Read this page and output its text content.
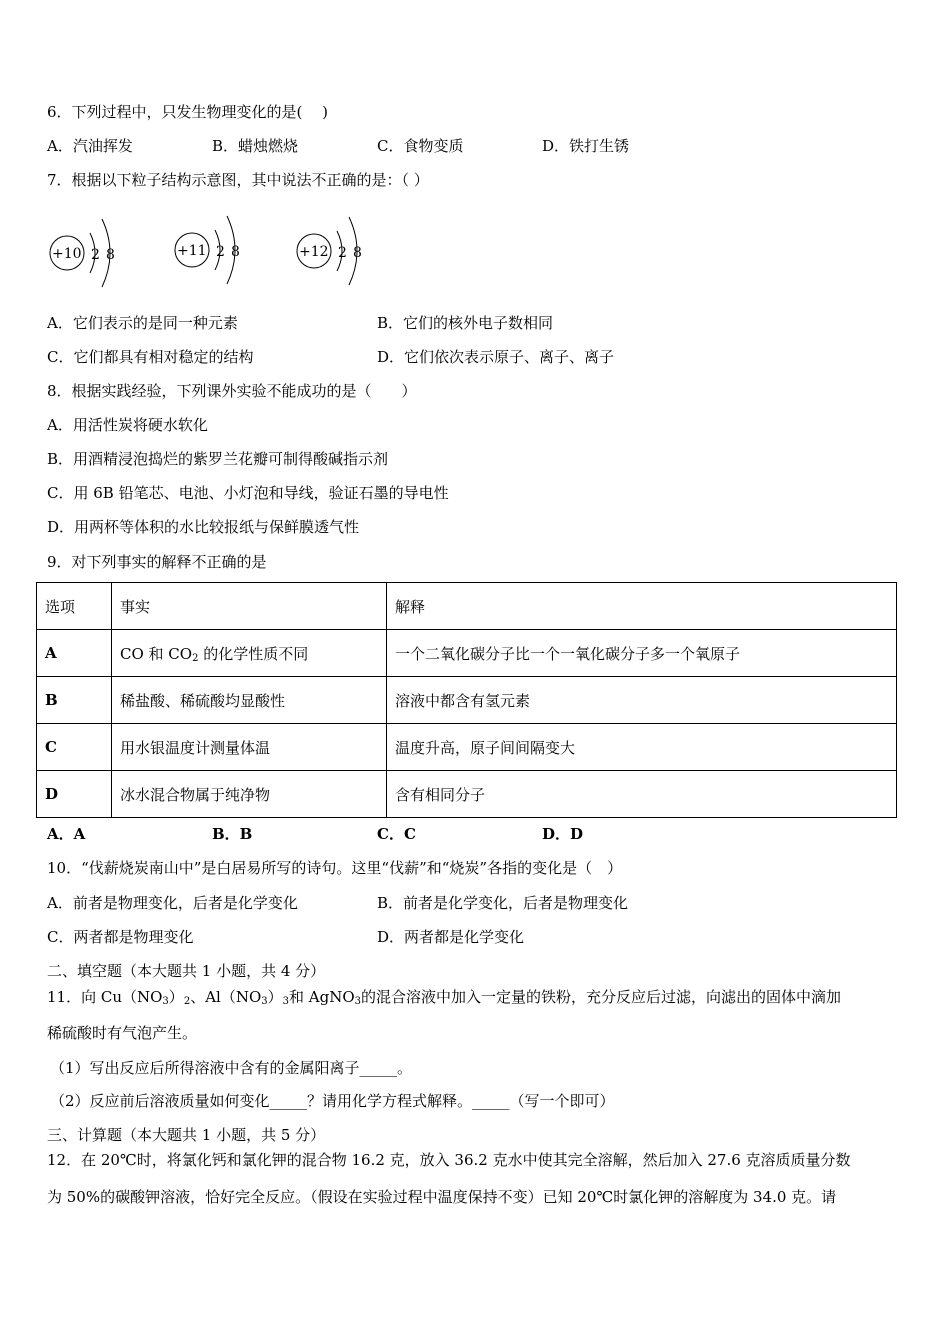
6．下列过程中，只发生物理变化的是(　 )
A．汽油挥发	B．蜡烛燃烧	C．食物变质	D．铁打生锈
7．根据以下粒子结构示意图，其中说法不正确的是：（ ）
+10 2 8	+11 2 8	+12 2 8
A．它们表示的是同一种元素	B．它们的核外电子数相同
C．它们都具有相对稳定的结构	D．它们依次表示原子、离子、离子
8．根据实践经验，下列课外实验不能成功的是（　　）
A．用活性炭将硬水软化
B．用酒精浸泡捣烂的紫罗兰花瓣可制得酸碱指示剂
C．用 6B 铅笔芯、电池、小灯泡和导线，验证石墨的导电性
D．用两杯等体积的水比较报纸与保鲜膜透气性
9．对下列事实的解释不正确的是
选项	事实	解释
A	CO 和 $CO_2$ 的化学性质不同	一个二氧化碳分子比一个一氧化碳分子多一个氧原子
B	稀盐酸、稀硫酸均显酸性	溶液中都含有氢元素
C	用水银温度计测量体温	温度升高，原子间间隔变大
D	冰水混合物属于纯净物	含有相同分子
A．A	B．B	C．C	D．D
10．“伐薪烧炭南山中”是白居易所写的诗句。这里“伐薪”和“烧炭”各指的变化是（　）
A．前者是物理变化，后者是化学变化	B．前者是化学变化，后者是物理变化
C．两者都是物理变化	D．两者都是化学变化
二、填空题（本大题共 1 小题，共 4 分）
11．向 $Cu(NO_3)_2$、$Al(NO_3)_3$和 AgNO$_3$的混合溶液中加入一定量的铁粉，充分反应后过滤，向滤出的固体中滴加
稀硫酸时有气泡产生。
（1）写出反应后所得溶液中含有的金属阳离子_____。
（2）反应前后溶液质量如何变化_____？请用化学方程式解释。_____（写一个即可）
三、计算题（本大题共 1 小题，共 5 分）
12．在 20℃时，将氯化钙和氯化钾的混合物 16.2 克，放入 36.2 克水中使其完全溶解，然后加入 27.6 克溶质质量分数
为 50%的碳酸钾溶液，恰好完全反应。（假设在实验过程中温度保持不变）已知 20℃时氯化钾的溶解度为 34.0 克。请
